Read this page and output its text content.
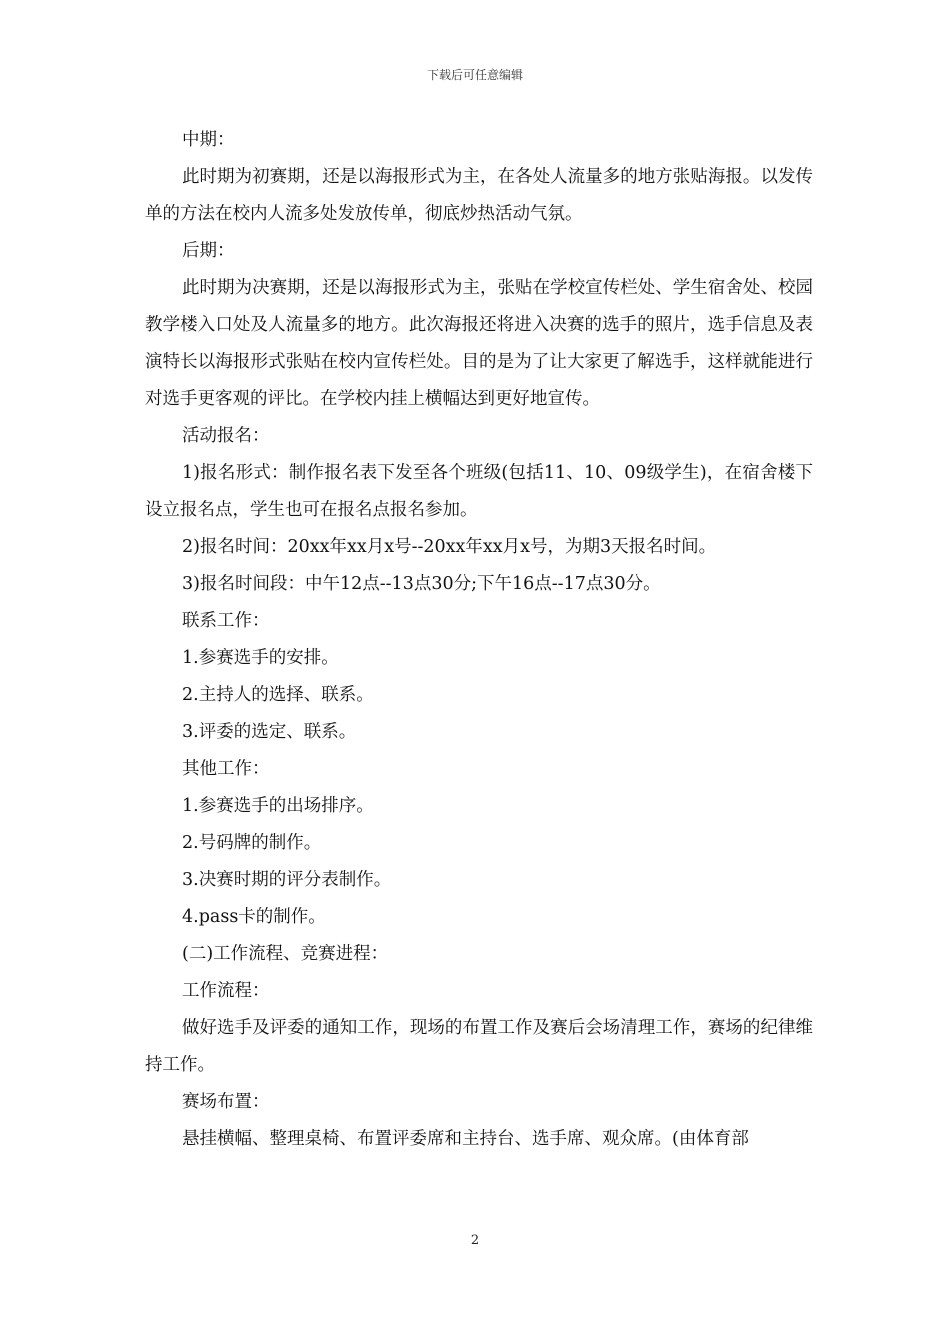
下载后可任意编辑

中期：

此时期为初赛期，还是以海报形式为主，在各处人流量多的地方张贴海报。以发传单的方法在校内人流多处发放传单，彻底炒热活动气氛。

后期：

此时期为决赛期，还是以海报形式为主，张贴在学校宣传栏处、学生宿舍处、校园教学楼入口处及人流量多的地方。此次海报还将进入决赛的选手的照片，选手信息及表演特长以海报形式张贴在校内宣传栏处。目的是为了让大家更了解选手，这样就能进行对选手更客观的评比。在学校内挂上横幅达到更好地宣传。

活动报名：

1)报名形式：制作报名表下发至各个班级(包括11、10、09级学生)，在宿舍楼下设立报名点，学生也可在报名点报名参加。

2)报名时间：20xx年xx月x号--20xx年xx月x号，为期3天报名时间。

3)报名时间段：中午12点--13点30分;下午16点--17点30分。

联系工作：

1.参赛选手的安排。

2.主持人的选择、联系。

3.评委的选定、联系。

其他工作：

1.参赛选手的出场排序。

2.号码牌的制作。

3.决赛时期的评分表制作。

4.pass卡的制作。

(二)工作流程、竞赛进程：

工作流程：

做好选手及评委的通知工作，现场的布置工作及赛后会场清理工作，赛场的纪律维持工作。

赛场布置：

悬挂横幅、整理桌椅、布置评委席和主持台、选手席、观众席。(由体育部

2
